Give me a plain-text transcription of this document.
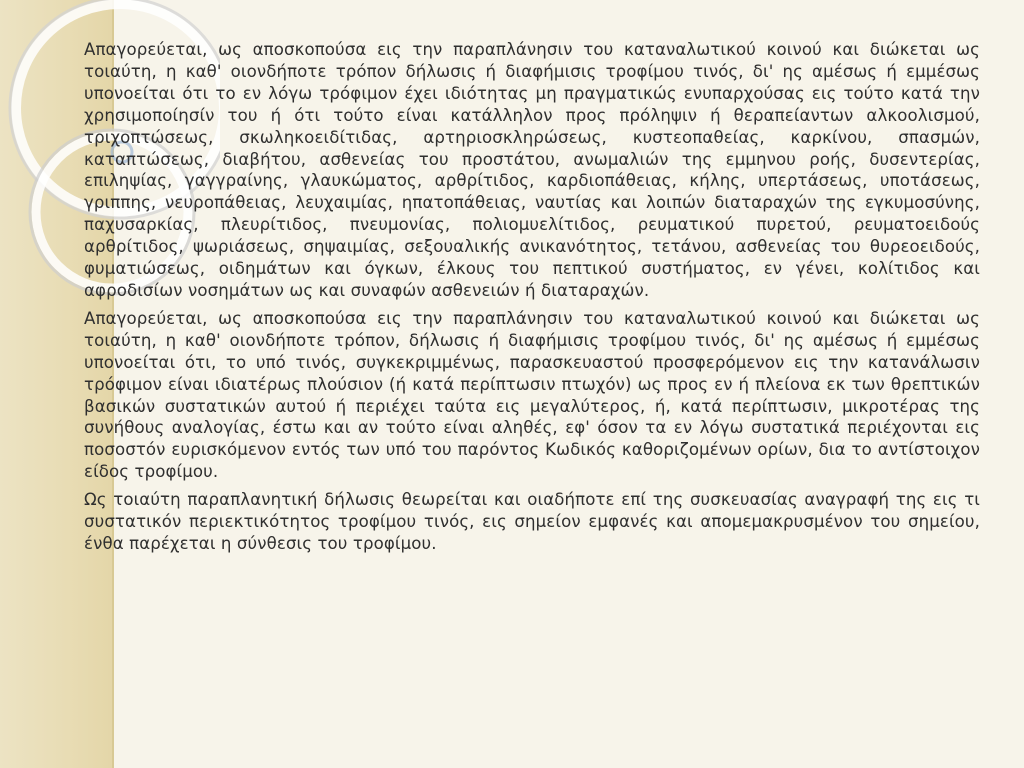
Απαγορεύεται, ως αποσκοπούσα εις την παραπλάνησιν του καταναλωτικού κοινού και διώκεται ως τοιαύτη, η καθ' οιονδήποτε τρόπον δήλωσις ή διαφήμισις τροφίμου τινός, δι' ης αμέσως ή εμμέσως υπονοείται ότι το εν λόγω τρόφιμον έχει ιδιότητας μη πραγματικώς ενυπαρχούσας εις τούτο κατά την χρησιμοποίησίν του ή ότι τούτο είναι κατάλληλον προς πρόληψιν ή θεραπείαντων αλκοολισμού, τριχοπτώσεως, σκωληκοειδίτιδας, αρτηριοσκληρώσεως, κυστεοπαθείας, καρκίνου, σπασμών, καταπτώσεως, διαβήτου, ασθενείας του προστάτου, ανωμαλιών της εμμηνου ροής, δυσεντερίας, επιληψίας, γαγγραίνης, γλαυκώματος, αρθρίτιδος, καρδιοπάθειας, κήλης, υπερτάσεως, υποτάσεως, γριππης, νευροπάθειας, λευχαιμίας, ηπατοπάθειας, ναυτίας και λοιπών διαταραχών της εγκυμοσύνης, παχυσαρκίας, πλευρίτιδος, πνευμονίας, πολιομυελίτιδος, ρευματικού πυρετού, ρευματοειδούς αρθρίτιδος, ψωριάσεως, σηψαιμίας, σεξουαλικής ανικανότητος, τετάνου, ασθενείας του θυρεοειδούς, φυματιώσεως, οιδημάτων και όγκων, έλκους του πεπτικού συστήματος, εν γένει, κολίτιδος και αφροδισίων νοσημάτων ως και συναφών ασθενειών ή διαταραχών.

Απαγορεύεται, ως αποσκοπούσα εις την παραπλάνησιν του καταναλωτικού κοινού και διώκεται ως τοιαύτη, η καθ' οιονδήποτε τρόπον, δήλωσις ή διαφήμισις τροφίμου τινός, δι' ης αμέσως ή εμμέσως υπονοείται ότι, το υπό τινός, συγκεκριμμένως, παρασκευαστού προσφερόμενον εις την κατανάλωσιν τρόφιμον είναι ιδιατέρως πλούσιον (ή κατά περίπτωσιν πτωχόν) ως προς εν ή πλείονα εκ των θρεπτικών βασικών συστατικών αυτού ή περιέχει ταύτα εις μεγαλύτερος, ή, κατά περίπτωσιν, μικροτέρας της συνήθους αναλογίας, έστω και αν τούτο είναι αληθές, εφ' όσον τα εν λόγω συστατικά περιέχονται εις ποσοστόν ευρισκόμενον εντός των υπό του παρόντος Κωδικός καθοριζομένων ορίων, δια το αντίστοιχον είδος τροφίμου.

Ως τοιαύτη παραπλανητική δήλωσις θεωρείται και οιαδήποτε επί της συσκευασίας αναγραφή της εις τι συστατικόν περιεκτικότητος τροφίμου τινός, εις σημείον εμφανές και απομεμακρυσμένον του σημείου, ένθα παρέχεται η σύνθεσις του τροφίμου.
